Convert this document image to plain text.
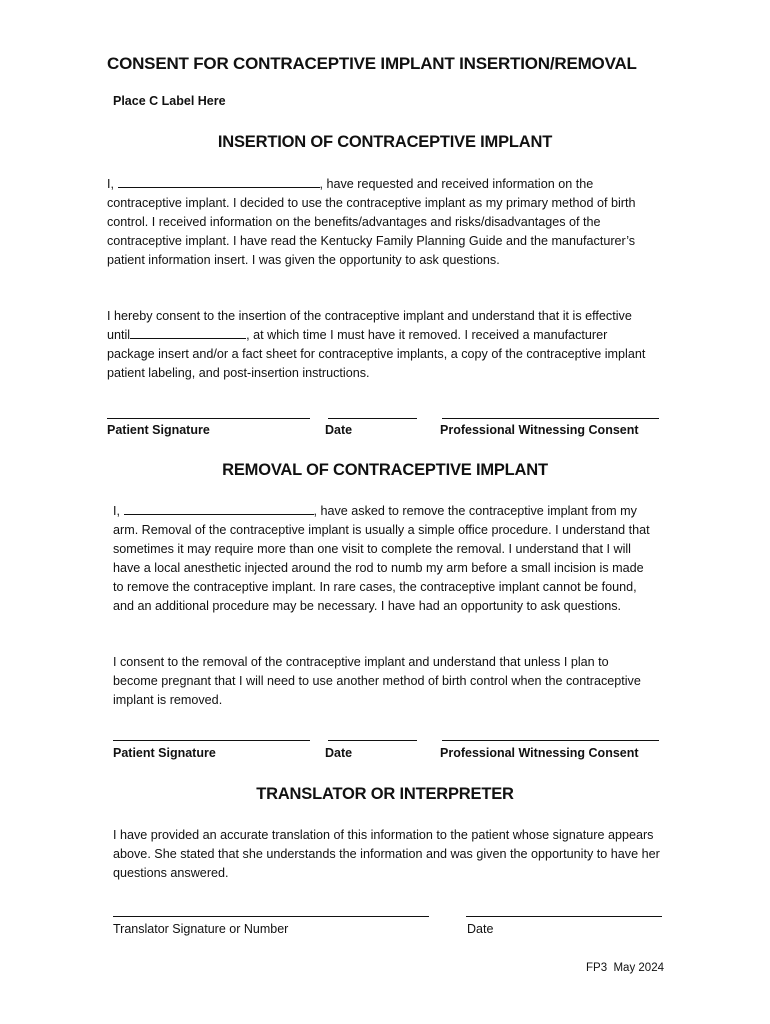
CONSENT FOR CONTRACEPTIVE IMPLANT INSERTION/REMOVAL
Place C Label Here
INSERTION OF CONTRACEPTIVE IMPLANT

I,	, have requested and received information on the contraceptive implant. I decided to use the contraceptive implant as my primary method of birth control. I received information on the benefits/advantages and risks/disadvantages of the contraceptive implant. I have read the Kentucky Family Planning Guide and the manufacturer’s patient information insert. I was given the opportunity to ask questions.

I hereby consent to the insertion of the contraceptive implant and understand that it is effective until	, at which time I must have it removed. I received a manufacturer package insert and/or a fact sheet for contraceptive implants, a copy of the contraceptive implant patient labeling, and post-insertion instructions.

Patient Signature	Date	Professional Witnessing Consent
REMOVAL OF CONTRACEPTIVE IMPLANT

I,	, have asked to remove the contraceptive implant from my arm. Removal of the contraceptive implant is usually a simple office procedure. I understand that sometimes it may require more than one visit to complete the removal. I understand that I will have a local anesthetic injected around the rod to numb my arm before a small incision is made to remove the contraceptive implant. In rare cases, the contraceptive implant cannot be found, and an additional procedure may be necessary. I have had an opportunity to ask questions.

I consent to the removal of the contraceptive implant and understand that unless I plan to become pregnant that I will need to use another method of birth control when the contraceptive implant is removed.

Patient Signature	Date	Professional Witnessing Consent
TRANSLATOR OR INTERPRETER

I have provided an accurate translation of this information to the patient whose signature appears above. She stated that she understands the information and was given the opportunity to have her questions answered.

Translator Signature or Number	Date
FP3  May 2024
